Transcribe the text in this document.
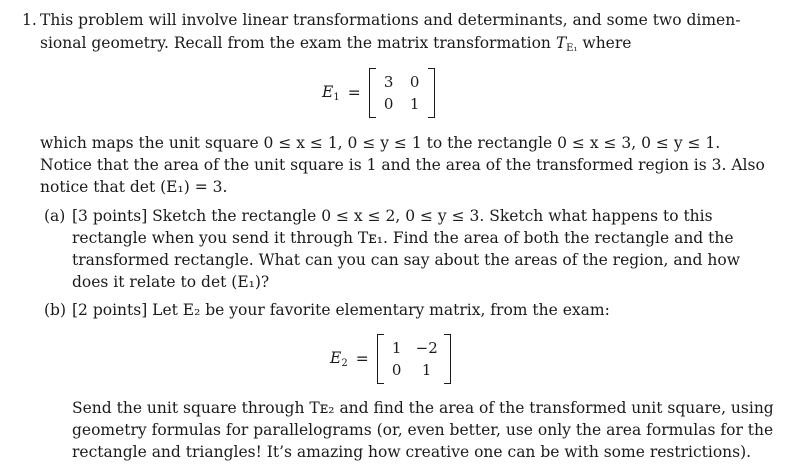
1. This problem will involve linear transformations and determinants, and some two dimen-
sional geometry. Recall from the exam the matrix transformation $T_{E_1}$ where
$E_1$ =
3 0
0 1
which maps the unit square 0 ≤ x ≤ 1, 0 ≤ y ≤ 1 to the rectangle 0 ≤ x ≤ 3, 0 ≤ y ≤ 1.
Notice that the area of the unit square is 1 and the area of the transformed region is 3. Also
notice that det (E₁) = 3.
(a) [3 points] Sketch the rectangle 0 ≤ x ≤ 2, 0 ≤ y ≤ 3. Sketch what happens to this
rectangle when you send it through Tᴇ₁. Find the area of both the rectangle and the
transformed rectangle. What can you can say about the areas of the region, and how
does it relate to det (E₁)?
(b) [2 points] Let E₂ be your favorite elementary matrix, from the exam:
$E_2$ =
1 −2
0 1
Send the unit square through Tᴇ₂ and find the area of the transformed unit square, using
geometry formulas for parallelograms (or, even better, use only the area formulas for the
rectangle and triangles! It’s amazing how creative one can be with some restrictions).
